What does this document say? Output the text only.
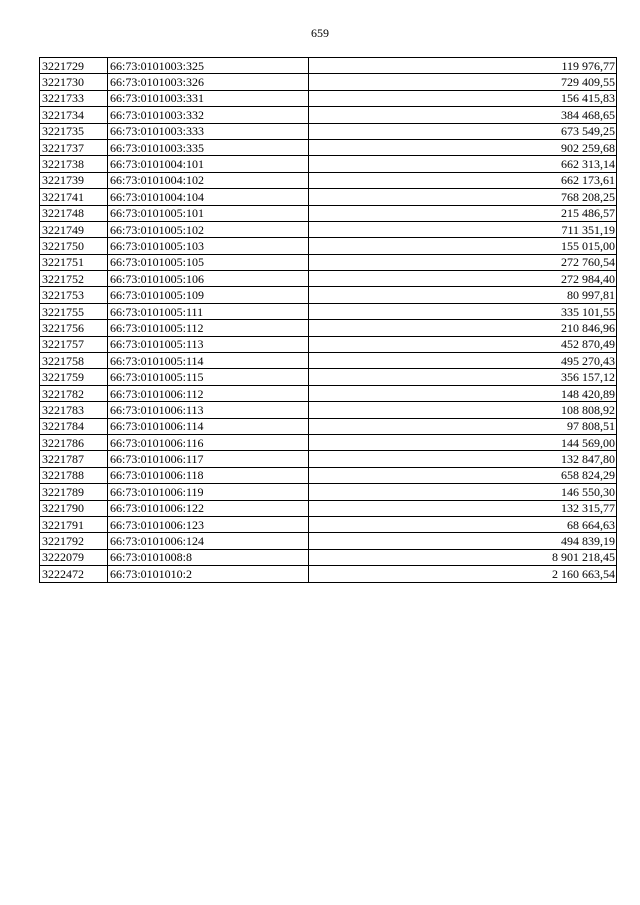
659
3221729	66:73:0101003:325	119 976,77
3221730	66:73:0101003:326	729 409,55
3221733	66:73:0101003:331	156 415,83
3221734	66:73:0101003:332	384 468,65
3221735	66:73:0101003:333	673 549,25
3221737	66:73:0101003:335	902 259,68
3221738	66:73:0101004:101	662 313,14
3221739	66:73:0101004:102	662 173,61
3221741	66:73:0101004:104	768 208,25
3221748	66:73:0101005:101	215 486,57
3221749	66:73:0101005:102	711 351,19
3221750	66:73:0101005:103	155 015,00
3221751	66:73:0101005:105	272 760,54
3221752	66:73:0101005:106	272 984,40
3221753	66:73:0101005:109	80 997,81
3221755	66:73:0101005:111	335 101,55
3221756	66:73:0101005:112	210 846,96
3221757	66:73:0101005:113	452 870,49
3221758	66:73:0101005:114	495 270,43
3221759	66:73:0101005:115	356 157,12
3221782	66:73:0101006:112	148 420,89
3221783	66:73:0101006:113	108 808,92
3221784	66:73:0101006:114	97 808,51
3221786	66:73:0101006:116	144 569,00
3221787	66:73:0101006:117	132 847,80
3221788	66:73:0101006:118	658 824,29
3221789	66:73:0101006:119	146 550,30
3221790	66:73:0101006:122	132 315,77
3221791	66:73:0101006:123	68 664,63
3221792	66:73:0101006:124	494 839,19
3222079	66:73:0101008:8	8 901 218,45
3222472	66:73:0101010:2	2 160 663,54
